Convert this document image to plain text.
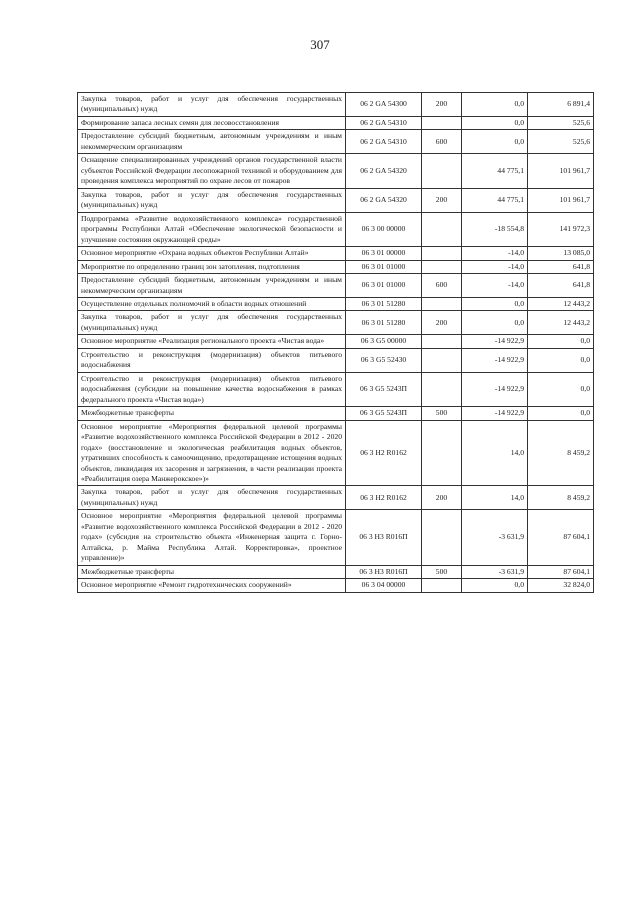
307
Закупка товаров, работ и услуг для обеспечения государственных (муниципальных) нужд	06 2 GA 54300	200	0,0	6 891,4
Формирование запаса лесных семян для лесовосстановления	06 2 GA 54310		0,0	525,6
Предоставление субсидий бюджетным, автономным учреждениям и иным некоммерческим организациям	06 2 GA 54310	600	0,0	525,6
Оснащение специализированных учреждений органов государственной власти субъектов Российской Федерации лесопожарной техникой и оборудованием для проведения комплекса мероприятий по охране лесов от пожаров	06 2 GA 54320		44 775,1	101 961,7
Закупка товаров, работ и услуг для обеспечения государственных (муниципальных) нужд	06 2 GA 54320	200	44 775,1	101 961,7
Подпрограмма «Развитие водохозяйственного комплекса» государственной программы Республики Алтай «Обеспечение экологической безопасности и улучшение состояния окружающей среды»	06 3 00 00000		-18 554,8	141 972,3
Основное мероприятие «Охрана водных объектов Республики Алтай»	06 3 01 00000		-14,0	13 085,0
Мероприятие по определению границ зон затопления, подтопления	06 3 01 01000		-14,0	641,8
Предоставление субсидий бюджетным, автономным учреждениям и иным некоммерческим организациям	06 3 01 01000	600	-14,0	641,8
Осуществление отдельных полномочий в области водных отношений	06 3 01 51280		0,0	12 443,2
Закупка товаров, работ и услуг для обеспечения государственных (муниципальных) нужд	06 3 01 51280	200	0,0	12 443,2
Основное мероприятие «Реализация регионального проекта «Чистая вода»	06 3 G5 00000		-14 922,9	0,0
Строительство и реконструкция (модернизация) объектов питьевого водоснабжения	06 3 G5 52430		-14 922,9	0,0
Строительство и реконструкция (модернизация) объектов питьевого водоснабжения (субсидии на повышение качества водоснабжения в рамках федерального проекта «Чистая вода»)	06 3 G5 5243П		-14 922,9	0,0
Межбюджетные трансферты	06 3 G5 5243П	500	-14 922,9	0,0
Основное мероприятие «Мероприятия федеральной целевой программы «Развитие водохозяйственного комплекса Российской Федерации в 2012 - 2020 годах» (восстановление и экологическая реабилитация водных объектов, утративших способность к самоочищению, предотвращение истощения водных объектов, ликвидация их засорения и загрязнения, в части реализации проекта «Реабилитация озера Манжерокское»)»	06 3 H2 R0162		14,0	8 459,2
Закупка товаров, работ и услуг для обеспечения государственных (муниципальных) нужд	06 3 H2 R0162	200	14,0	8 459,2
Основное мероприятие «Мероприятия федеральной целевой программы «Развитие водохозяйственного комплекса Российской Федерации в 2012 - 2020 годах» (субсидия на строительство объекта «Инженерная защита г. Горно-Алтайска, р. Майма Республика Алтай. Корректировка», проектное управление)»	06 3 H3 R016П		-3 631,9	87 604,1
Межбюджетные трансферты	06 3 H3 R016П	500	-3 631,9	87 604,1
Основное мероприятие «Ремонт гидротехнических сооружений»	06 3 04 00000		0,0	32 824,0
